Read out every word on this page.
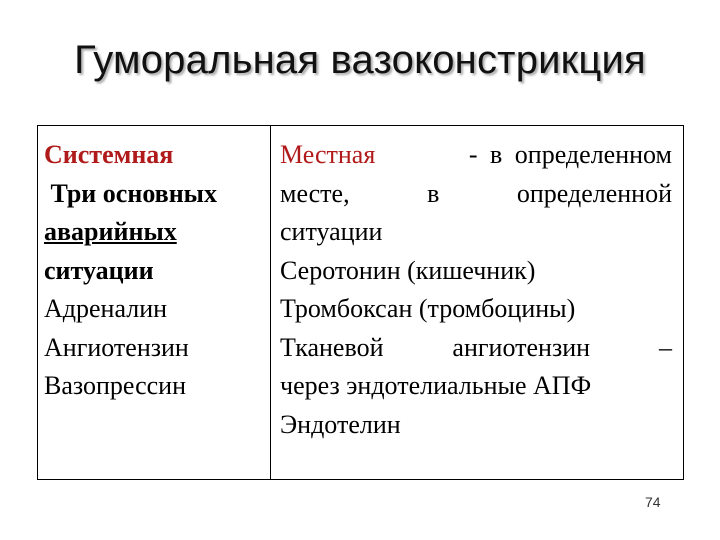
Гуморальная вазоконстрикция
Системная
Три основных
аварийных
ситуации
Адреналин
Ангиотензин
Вазопрессин
Местная	- в определенном
месте, в определенной
ситуации
Серотонин (кишечник)
Тромбоксан (тромбоцины)
Тканевой ангиотензин –
через эндотелиальные АПФ
Эндотелин
74
